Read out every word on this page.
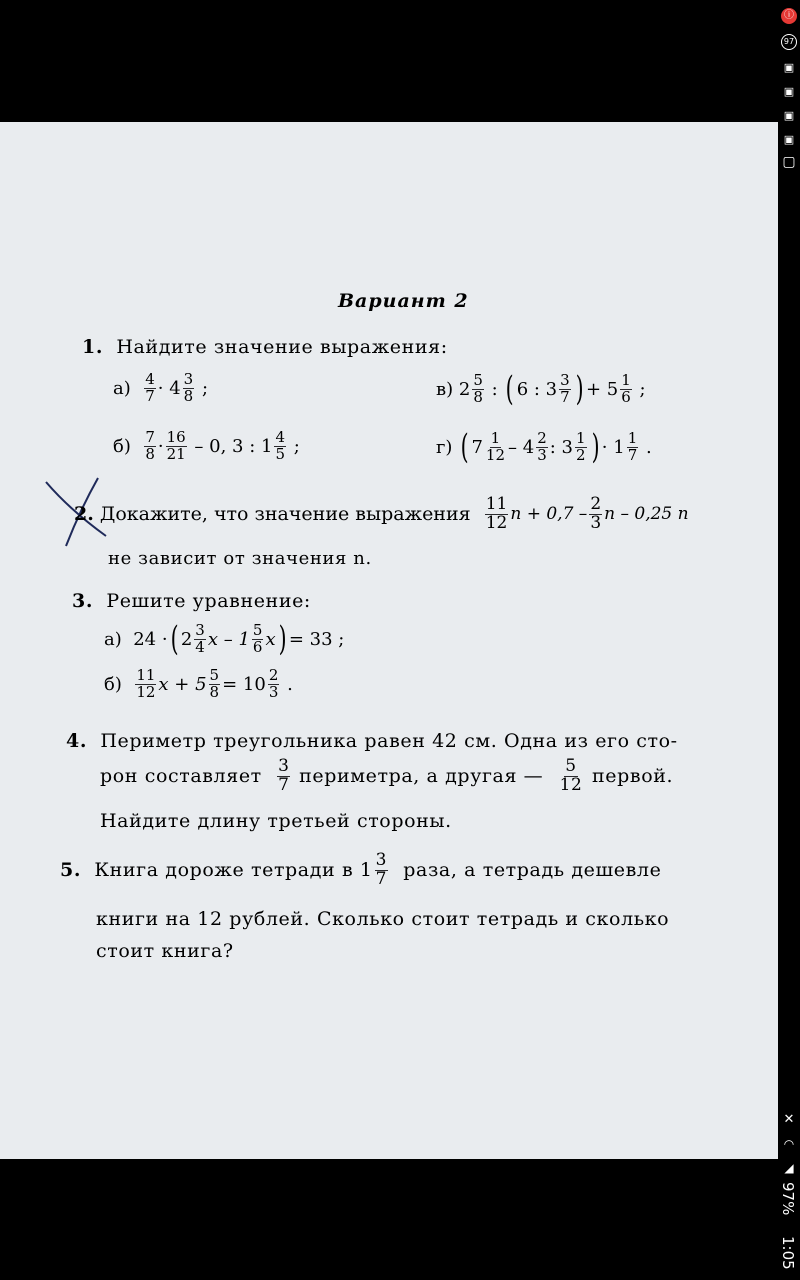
Вариант 2
1. Найдите значение выражения:
а)
$\frac{4}{7} \cdot 4 \frac{3}{8}$
;	в)
$2 \frac{5}{8}$
:
( 6 : $3 \frac{3}{7}$ ) + $5 \frac{1}{6}$
;
б)
$\frac{7}{8} \cdot \frac{16}{21}$
– 0, 3 : $1 \frac{4}{5}$
;	г)
( $7 \frac{1}{12} - 4 \frac{2}{3}$ : $3 \frac{1}{2}$ ) · $1 \frac{1}{7}$
.
2.
Докажите, что значение выражения
$\frac{11}{12}$ $n + 0,7 - \frac{2}{3}$ n – 0,25 n
не зависит от значения n.
3. Решите уравнение:
а)
24 · ( $2 \frac{3}{4}$ x – $1 \frac{5}{6}$ x ) = 33 ;
б)
$\frac{11}{12}$ $x + 5 \frac{5}{8} = 10 \frac{2}{3}$
.
4. Периметр треугольника равен 42 см. Одна из его сто-
рон составляет
$\frac{3}{7}$
периметра, а другая —
$\frac{5}{12}$
первой.
Найдите длину третьей стороны.
5.
Книга дороже тетради в $1 \frac{3}{7}$
раза, а тетрадь дешевле
книги на 12 рублей. Сколько стоит тетрадь и сколько
стоит книга?
ⓘ
97
▣
▣
▣
▣
▢
✕
◠
◢
97%
1:05
